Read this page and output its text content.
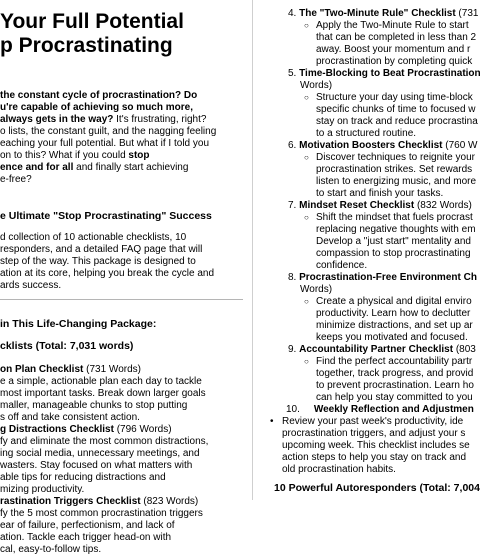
Your Full Potential
p Procrastinating
the constant cycle of procrastination? Do
u're capable of achieving so much more,
always gets in the way? It's frustrating, right?
o lists, the constant guilt, and the nagging feeling
eaching your full potential. But what if I told you
on to this? What if you could stop
ence and for all and finally start achieving
e-free?
e Ultimate "Stop Procrastinating" Success
d collection of 10 actionable checklists, 10
responders, and a detailed FAQ page that will
step of the way. This package is designed to
ation at its core, helping you break the cycle and
ards success.
in This Life-Changing Package:
cklists (Total: 7,031 words)
on Plan Checklist (731 Words)
e a simple, actionable plan each day to tackle
most important tasks. Break down larger goals
maller, manageable chunks to stop putting
s off and take consistent action.
g Distractions Checklist (796 Words)
fy and eliminate the most common distractions,
ing social media, unnecessary meetings, and
wasters. Stay focused on what matters with
able tips for reducing distractions and
mizing productivity.
rastination Triggers Checklist (823 Words)
fy the 5 most common procrastination triggers
ear of failure, perfectionism, and lack of
ation. Tackle each trigger head-on with
cal, easy-to-follow tips.
4. The "Two-Minute Rule" Checklist (731
○ Apply the Two-Minute Rule to start
that can be completed in less than 2
away. Boost your momentum and r
procrastination by completing quick
5. Time-Blocking to Beat Procrastination
Words)
○ Structure your day using time-block
specific chunks of time to focused w
stay on track and reduce procrastina
to a structured routine.
6. Motivation Boosters Checklist (760 W
○ Discover techniques to reignite your
procrastination strikes. Set rewards
listen to energizing music, and more
to start and finish your tasks.
7. Mindset Reset Checklist (832 Words)
○ Shift the mindset that fuels procrast
replacing negative thoughts with em
Develop a "just start" mentality and
compassion to stop procrastinating
confidence.
8. Procrastination-Free Environment Ch
Words)
○ Create a physical and digital enviro
productivity. Learn how to declutter
minimize distractions, and set up ar
keeps you motivated and focused.
9. Accountability Partner Checklist (803
○ Find the perfect accountability partr
together, track progress, and provid
to prevent procrastination. Learn ho
can help you stay committed to you
10. Weekly Reflection and Adjustmen
• Review your past week's productivity, ide
procrastination triggers, and adjust your s
upcoming week. This checklist includes se
action steps to help you stay on track and
old procrastination habits.
10 Powerful Autoresponders (Total: 7,004
